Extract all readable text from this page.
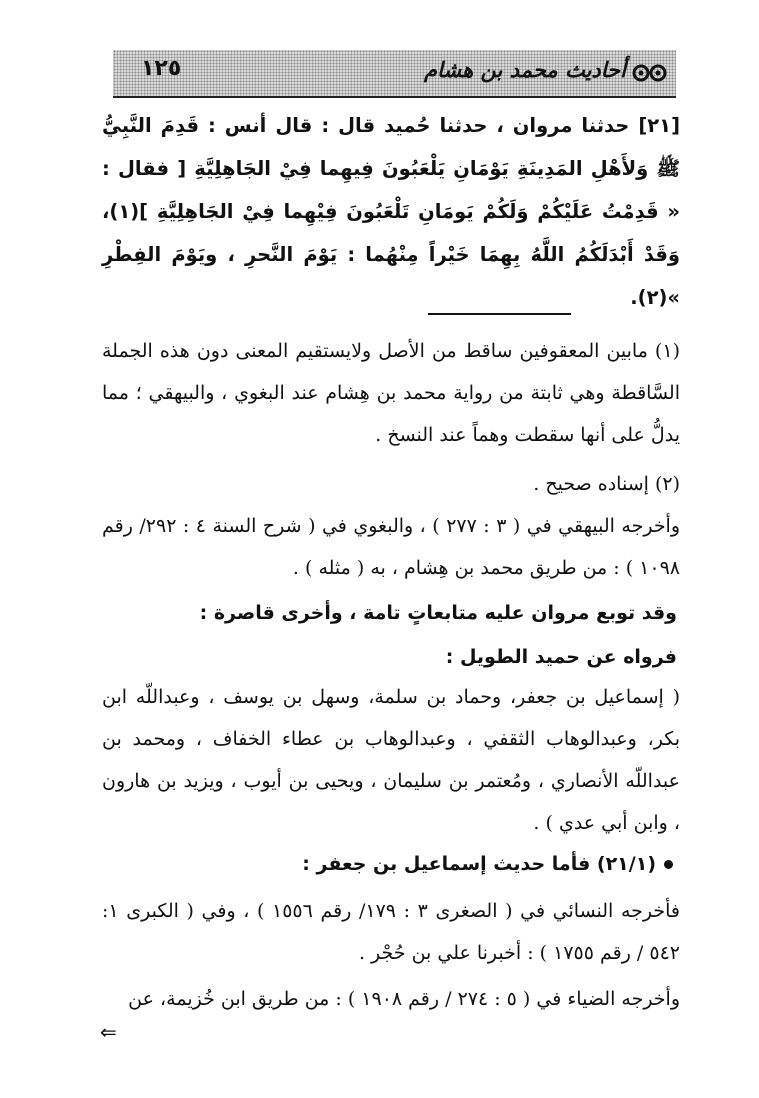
أحاديث محمد بن هشام
١٢٥

[٢١] حدثنا مروان ، حدثنا حُميد قال : قال أنس : قَدِمَ النَّبِيُّ ﷺ وَلأَهْلِ المَدِينَةِ يَوْمَانِ يَلْعَبُونَ فِيهِما فِيْ الجَاهِلِيَّةِ [ فقال : « قَدِمْتُ عَلَيْكُمْ وَلَكُمْ يَومَانِ تَلْعَبُونَ فِيْهِما فِيْ الجَاهِلِيَّةِ ](١)، وَقَدْ أَبْدَلَكُمُ اللَّهُ بِهِمَا خَيْراً مِنْهُما : يَوْمَ النَّحرِ ، ويَوْمَ الفِطْرِ »(٢).

(١) مابين المعقوفين ساقط من الأصل ولايستقيم المعنى دون هذه الجملة السَّاقطة وهي ثابتة من رواية محمد بن هِشام عند البغوي ، والبيهقي ؛ مما يدلُّ على أنها سقطت وهماً عند النسخ .

(٢) إسناده صحيح .

وأخرجه البيهقي في ( ٣ : ٢٧٧ ) ، والبغوي في ( شرح السنة ٤ : ٢٩٢/ رقم ١٠٩٨ ) : من طريق محمد بن هِشام ، به ( مثله ) .

وقد توبع مروان عليه متابعاتٍ تامة ، وأخرى قاصرة :

فرواه عن حميد الطويل :

( إسماعيل بن جعفر، وحماد بن سلمة، وسهل بن يوسف ، وعبداللّه ابن بكر، وعبدالوهاب الثقفي ، وعبدالوهاب بن عطاء الخفاف ، ومحمد بن عبداللّه الأنصاري ، ومُعتمر بن سليمان ، ويحيى بن أيوب ، ويزيد بن هارون ، وابن أبي عدي ) .

(٢١/١) فأما حديث إسماعيل بن جعفر :

فأخرجه النسائي في ( الصغرى ٣ : ١٧٩/ رقم ١٥٥٦ ) ، وفي ( الكبرى ١: ٥٤٢ / رقم ١٧٥٥ ) : أخبرنا علي بن حُجْر .

وأخرجه الضياء في ( ٥ : ٢٧٤ / رقم ١٩٠٨ ) : من طريق ابن خُزيمة، عن

⇐
